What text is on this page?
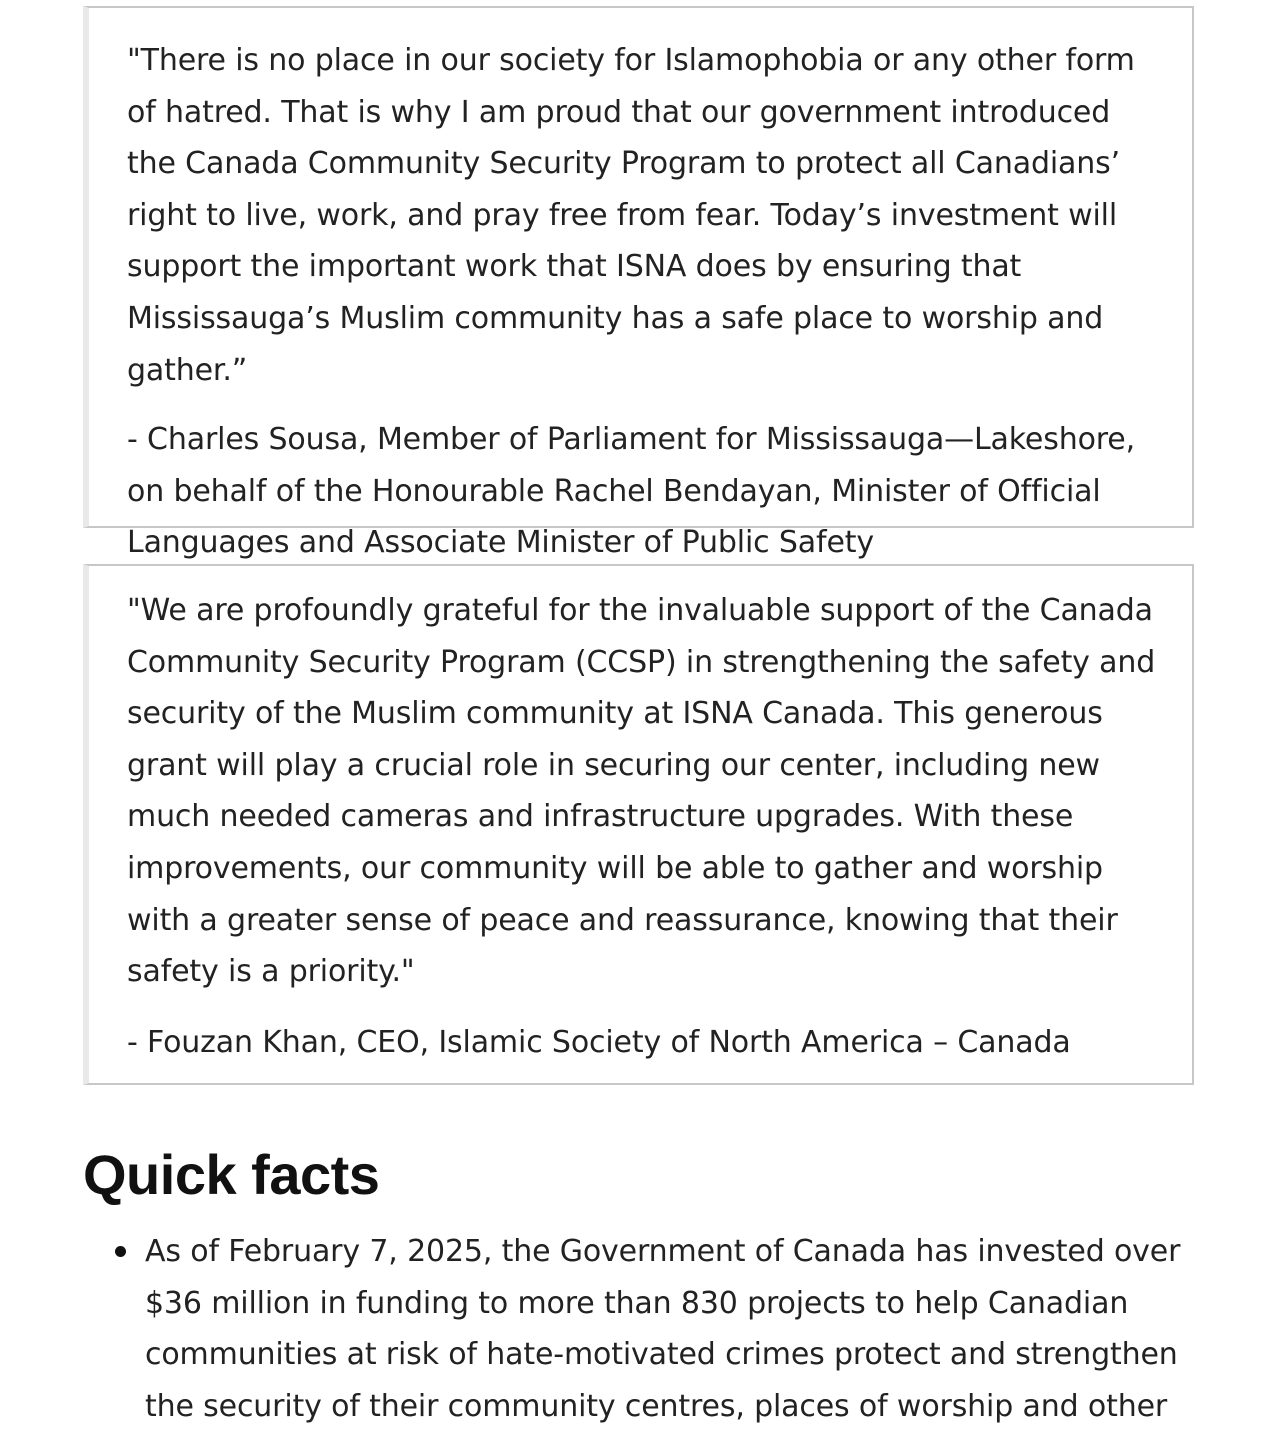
"There is no place in our society for Islamophobia or any other form of hatred. That is why I am proud that our government introduced the Canada Community Security Program to protect all Canadians’ right to live, work, and pray free from fear. Today’s investment will support the important work that ISNA does by ensuring that Mississauga’s Muslim community has a safe place to worship and gather.”

- Charles Sousa, Member of Parliament for Mississauga—Lakeshore, on behalf of the Honourable Rachel Bendayan, Minister of Official Languages and Associate Minister of Public Safety

"We are profoundly grateful for the invaluable support of the Canada Community Security Program (CCSP) in strengthening the safety and security of the Muslim community at ISNA Canada. This generous grant will play a crucial role in securing our center, including new much needed cameras and infrastructure upgrades. With these improvements, our community will be able to gather and worship with a greater sense of peace and reassurance, knowing that their safety is a priority."

- Fouzan Khan, CEO, Islamic Society of North America – Canada

Quick facts
As of February 7, 2025, the Government of Canada has invested over $36 million in funding to more than 830 projects to help Canadian communities at risk of hate-motivated crimes protect and strengthen the security of their community centres, places of worship and other
